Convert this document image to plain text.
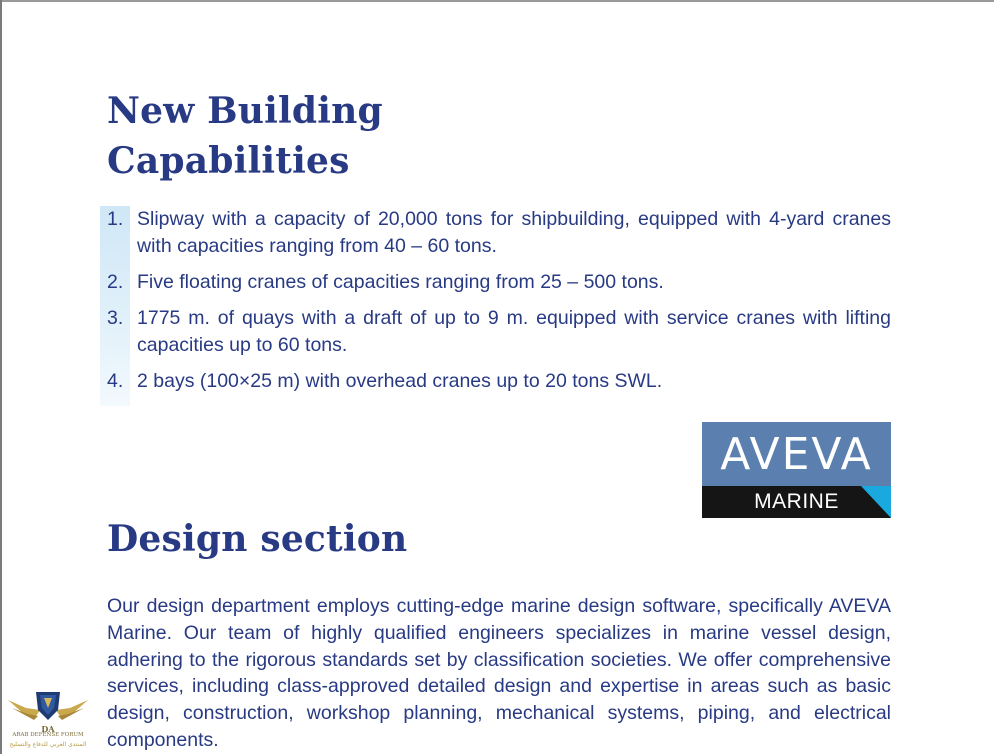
New Building Capabilities
1. Slipway with a capacity of 20,000 tons for shipbuilding, equipped with 4-yard cranes with capacities ranging from 40 – 60 tons.
2. Five floating cranes of capacities ranging from 25 – 500 tons.
3. 1775 m. of quays with a draft of up to 9 m. equipped with service cranes with lifting capacities up to 60 tons.
4. 2 bays (100×25 m) with overhead cranes up to 20 tons SWL.
AVEVA
MARINE
Design section

Our design department employs cutting-edge marine design software, specifically AVEVA Marine. Our team of highly qualified engineers specializes in marine vessel design, adhering to the rigorous standards set by classification societies. We offer comprehensive services, including class-approved detailed design and expertise in areas such as basic design, construction, workshop planning, mechanical systems, piping, and electrical components.

DA
ARAB DEFENSE FORUM
المنتدى العربي للدفاع والتسليح
